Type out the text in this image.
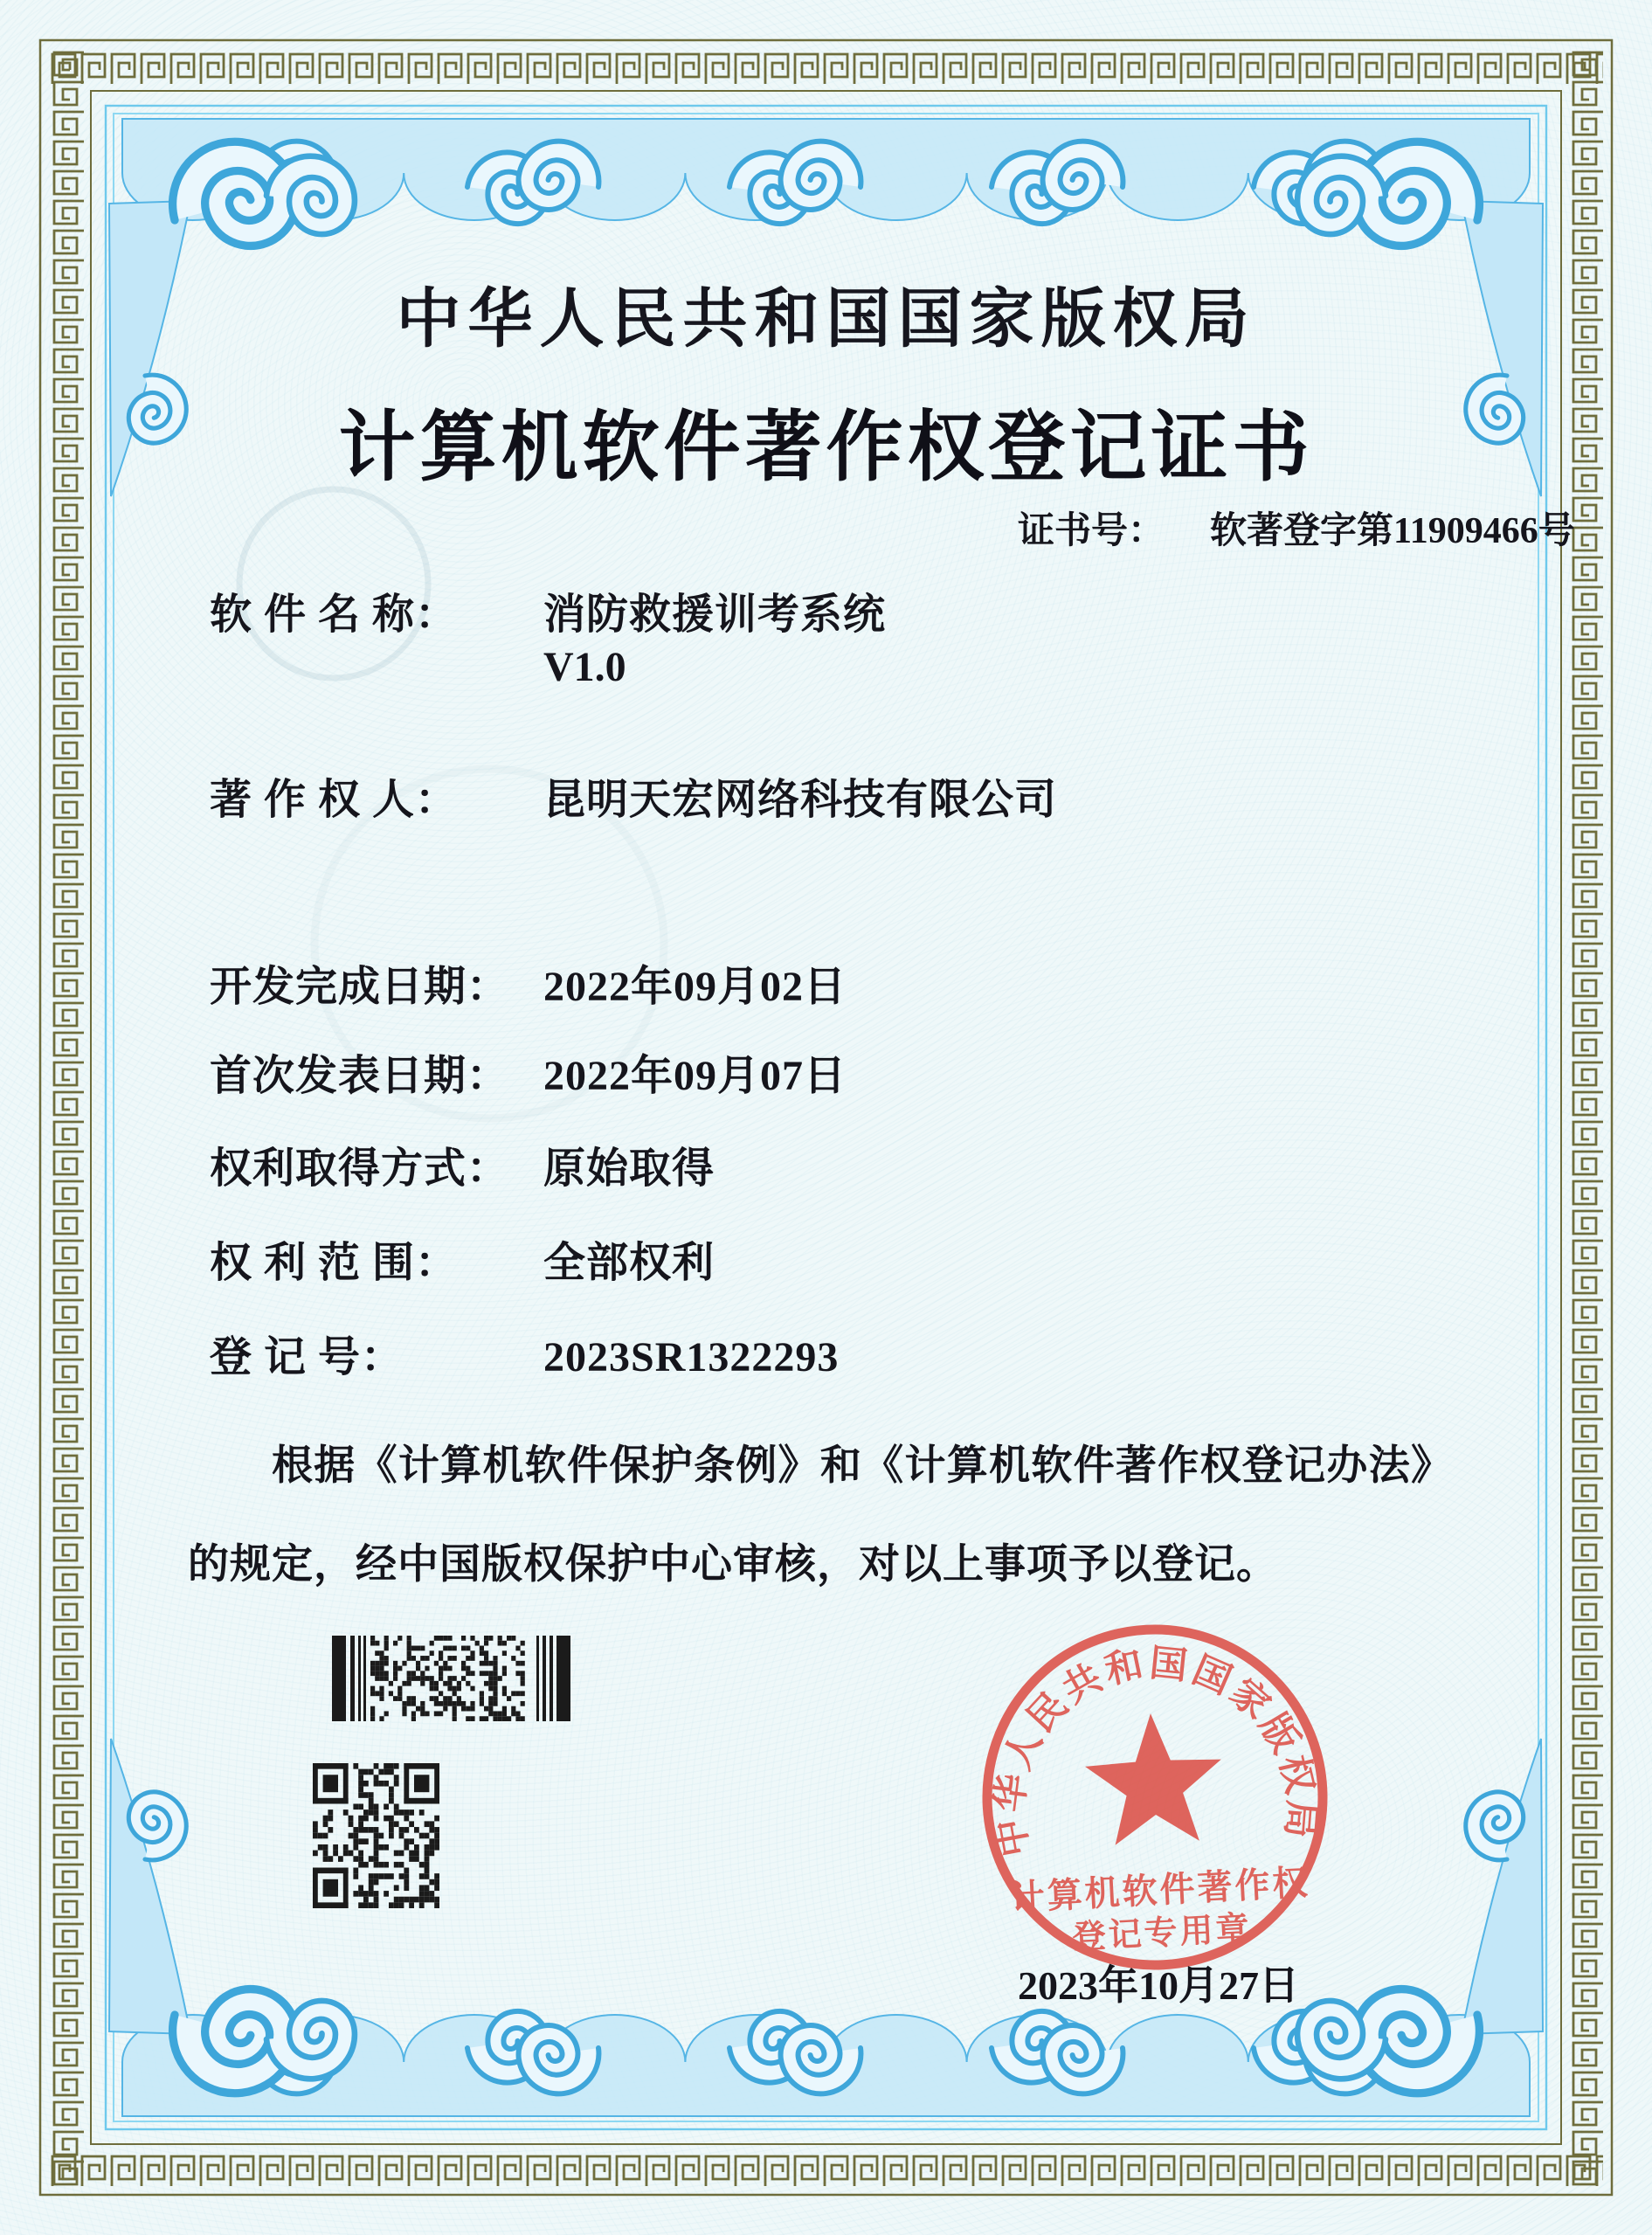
中华人民共和国国家版权局
计算机软件著作权登记证书
证书号： 软著登字第11909466号
软 件 名 称： 消防救援训考系统
V1.0
著 作 权 人： 昆明天宏网络科技有限公司
开发完成日期： 2022年09月02日
首次发表日期： 2022年09月07日
权利取得方式： 原始取得
权 利 范 围： 全部权利
登 记 号：	2023SR1322293
根据《计算机软件保护条例》和《计算机软件著作权登记办法》的规定，经中国版权保护中心审核，对以上事项予以登记。
中华人民共和国国家版权局
计算机软件著作权
登记专用章
2023年10月27日
